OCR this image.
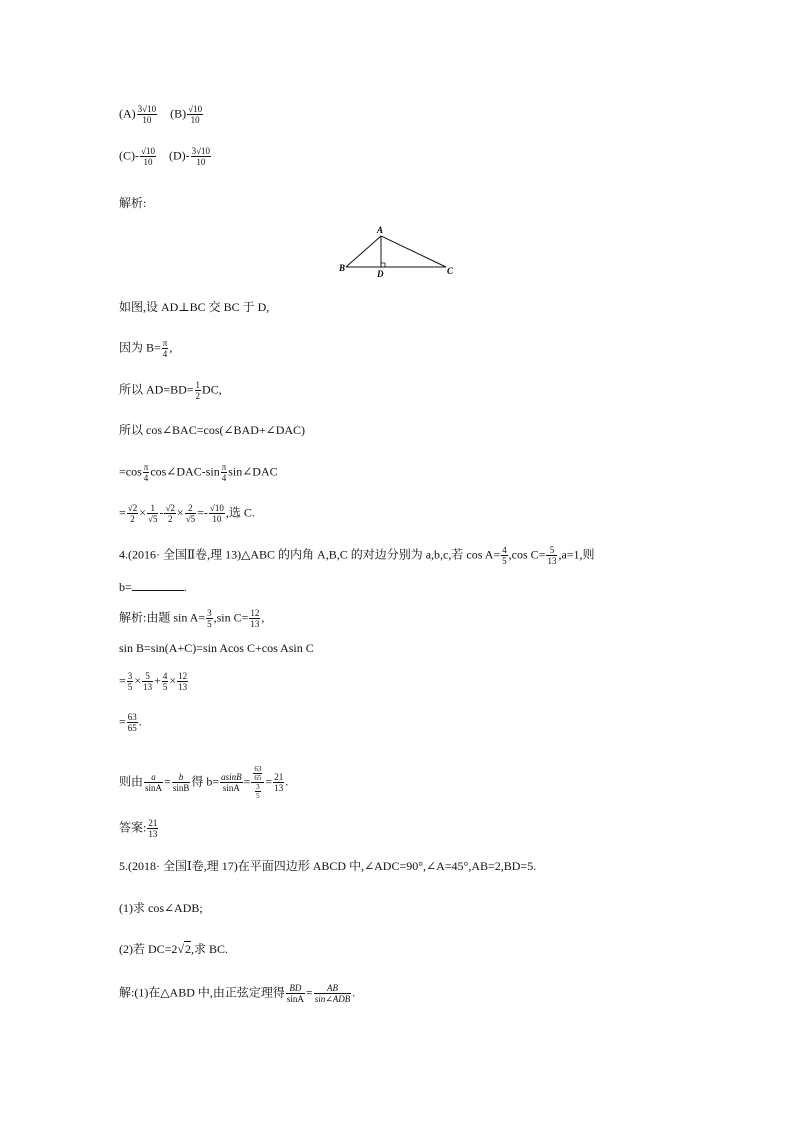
$(A) \frac{3√10}{10} (B) \frac{√10}{10}$
$(C)- \frac{√10}{10} (D)- \frac{3√10}{10}$
解析:
A
B	C
D
如图,设 AD⊥BC 交 BC 于 D,
因为 $B= \frac{\pi}{4}$ ,
所以 $AD=BD= \frac{1}{2}$ DC,
所以 cos∠BAC=cos(∠BAD+∠DAC)
$=\cos \frac{\pi}{4}$ cos∠DAC-sin $\frac{\pi}{4}$ sin∠DAC
= $\frac{√2}{2} \times \frac{1}{√5} - \frac{√2}{2} \times \frac{2}{√5} =- \frac{√10}{10}$ ,选 C.
4.(2016· 全国Ⅱ卷,理 13)△ABC 的内角 A,B,C 的对边分别为 a,b,c,若 $\cos A= \frac{4}{5} ,\cos$ $C= \frac{5}{13} ,a=1$,则
b=	.
解析:由题 $\sin A= \frac{3}{5} ,\sin$ $C= \frac{12}{13}$ ,
sin B=sin(A+C)=sin Acos C+cos Asin C
= $\frac{3}{5} \times \frac{5}{13} + \frac{4}{5} \times \frac{12}{13}$
= $\frac{63}{65}$ .
则由 $\frac{a}{\sin A} = \frac{b}{\sin B}$ 得 $b= \frac{asinB}{\sin A} = \frac{\frac{63}{65}}{\frac{3}{5}} = \frac{21}{13}$ .
答案: $\frac{21}{13}$
5.(2018· 全国Ⅰ卷,理 17)在平面四边形 ABCD 中,∠ADC=90°,∠A=45°,AB=2,BD=5.
(1)求 cos∠ADB;
(2)若 DC=2√2,求 BC.
解:(1)在△ABD 中,由正弦定理得 $\frac{BD}{\sin A}$ =	AB
sin∠ADB .
